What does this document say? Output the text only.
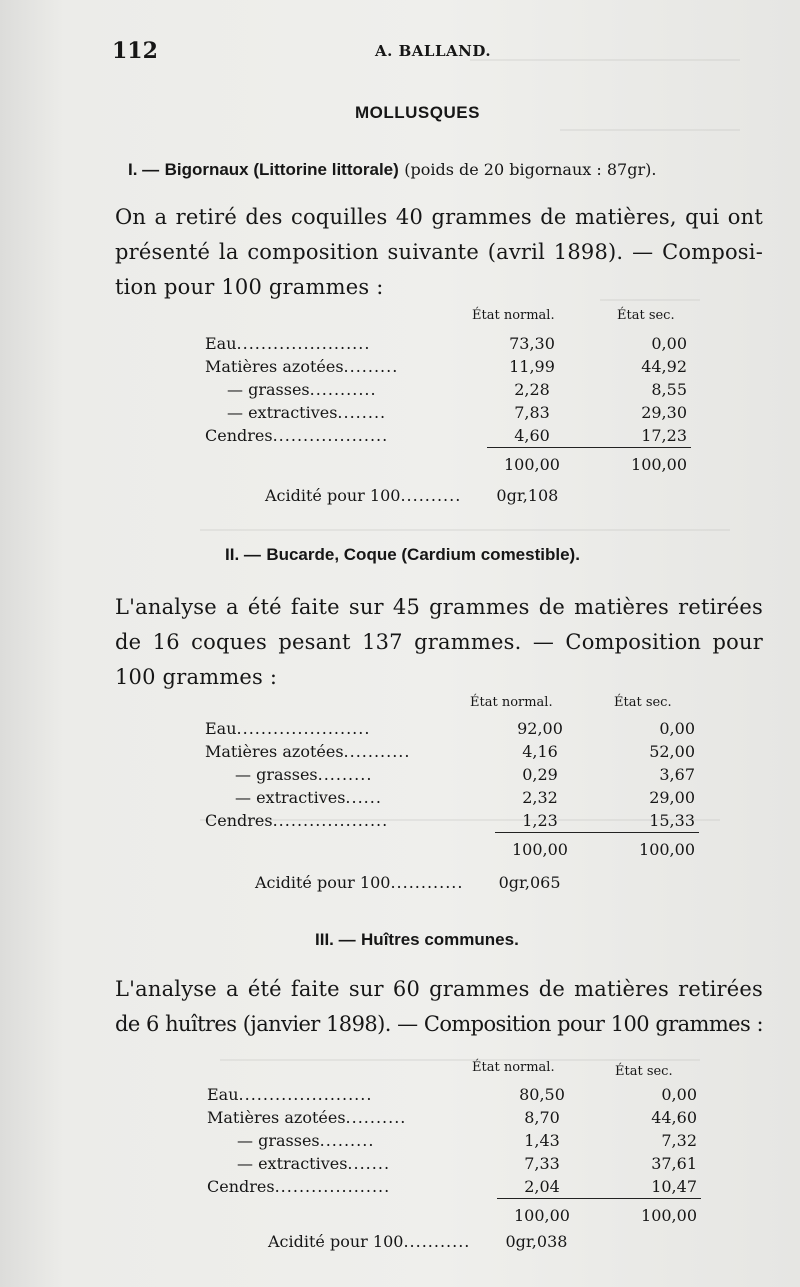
112	A. BALLAND.
MOLLUSQUES
I. — Bigornaux (Littorine littorale) (poids de 20 bigornaux : 87gr).
On a retiré des coquilles 40 grammes de matières, qui ont
présenté la composition suivante (avril 1898). — Composi-
tion pour 100 grammes :
État normal.	État sec.
Eau......................	73,30	0,00
Matières azotées.........	11,99	44,92
— grasses...........	2,28	8,55
— extractives........	7,83	29,30
Cendres...................	4,60	17,23
	100,00	100,00
Acidité pour 100.......... 0gr,108
II. — Bucarde, Coque (Cardium comestible).
L'analyse a été faite sur 45 grammes de matières retirées
de 16 coques pesant 137 grammes. — Composition pour
100 grammes :
État normal.	État sec.
Eau......................	92,00	0,00
Matières azotées...........	4,16	52,00
— grasses.........	0,29	3,67
— extractives......	2,32	29,00
Cendres...................	1,23	15,33
	100,00	100,00
Acidité pour 100............ 0gr,065
III. — Huîtres communes.
L'analyse a été faite sur 60 grammes de matières retirées
de 6 huîtres (janvier 1898). — Composition pour 100 grammes :
État normal.	État sec.
Eau......................	80,50	0,00
Matières azotées..........	8,70	44,60
— grasses.........	1,43	7,32
— extractives.......	7,33	37,61
Cendres...................	2,04	10,47
	100,00	100,00
Acidité pour 100........... 0gr,038
